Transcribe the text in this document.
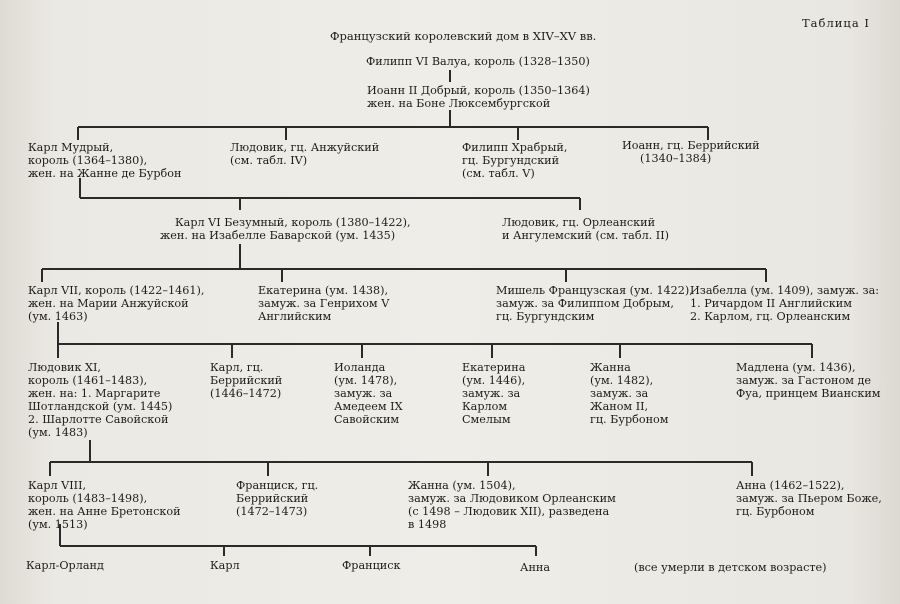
Таблица I
Французский королевский дом в XIV–XV вв.
Филипп VI Валуа, король (1328–1350)
Иоанн II Добрый, король (1350–1364)
жен. на Боне Люксембургской
Карл Мудрый,
король (1364–1380),
жен. на Жанне де Бурбон
Людовик, гц. Анжуйский
(см. табл. IV)
Филипп Храбрый,
гц. Бургундский
(см. табл. V)
Иоанн, гц. Беррийский
(1340–1384)
Карл VI Безумный, король (1380–1422),
жен. на Изабелле Баварской (ум. 1435)
Людовик, гц. Орлеанский
и Ангулемский (см. табл. II)
Карл VII, король (1422–1461),
жен. на Марии Анжуйской
(ум. 1463)
Екатерина (ум. 1438),
замуж. за Генрихом V
Английским
Мишель Французская (ум. 1422),
замуж. за Филиппом Добрым,
гц. Бургундским
Изабелла (ум. 1409), замуж. за:
1. Ричардом II Английским
2. Карлом, гц. Орлеанским
Людовик XI,
король (1461–1483),
жен. на: 1. Маргарите
Шотландской (ум. 1445)
2. Шарлотте Савойской
(ум. 1483)
Карл, гц.
Беррийский
(1446–1472)
Иоланда
(ум. 1478),
замуж. за
Амедеем IX
Савойским
Екатерина
(ум. 1446),
замуж. за
Карлом
Смелым
Жанна
(ум. 1482),
замуж. за
Жаном II,
гц. Бурбоном
Мадлена (ум. 1436),
замуж. за Гастоном де
Фуа, принцем Вианским
Карл VIII,
король (1483–1498),
жен. на Анне Бретонской
(ум. 1513)
Франциск, гц.
Беррийский
(1472–1473)
Жанна (ум. 1504),
замуж. за Людовиком Орлеанским
(с 1498 – Людовик XII), разведена
в 1498
Анна (1462–1522),
замуж. за Пьером Боже,
гц. Бурбоном
Карл-Орланд	Карл	Франциск	Анна	(все умерли в детском возрасте)
